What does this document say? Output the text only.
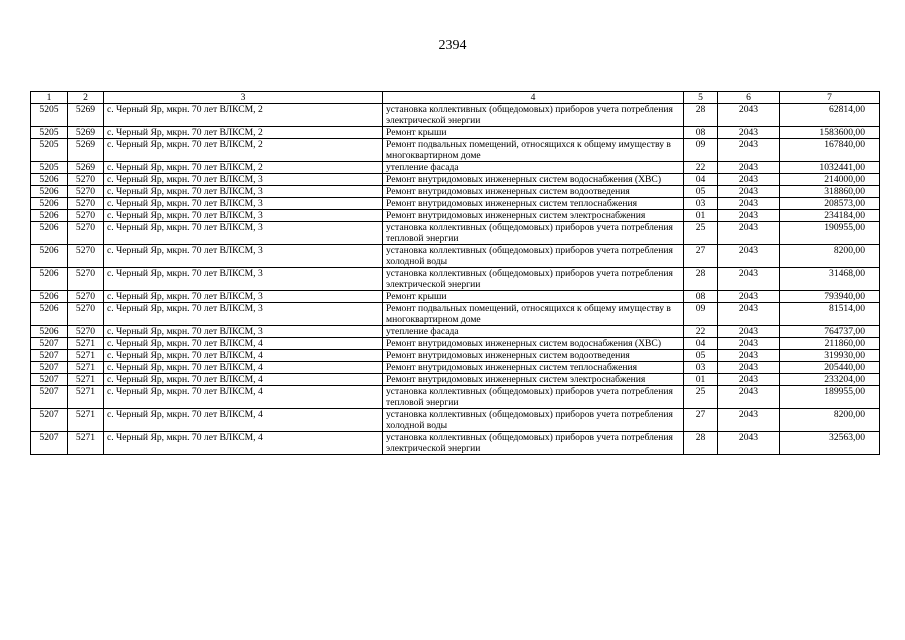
2394
1	2	3	4	5	6	7
5205	5269	с. Черный Яр, мкрн. 70 лет ВЛКСМ, 2	установка коллективных (общедомовых) приборов учета потребления электрической энергии	28	2043	62814,00
5205	5269	с. Черный Яр, мкрн. 70 лет ВЛКСМ, 2	Ремонт крыши	08	2043	1583600,00
5205	5269	с. Черный Яр, мкрн. 70 лет ВЛКСМ, 2	Ремонт подвальных помещений, относящихся к общему имуществу в многоквартирном доме	09	2043	167840,00
5205	5269	с. Черный Яр, мкрн. 70 лет ВЛКСМ, 2	утепление фасада	22	2043	1032441,00
5206	5270	с. Черный Яр, мкрн. 70 лет ВЛКСМ, 3	Ремонт внутридомовых инженерных систем водоснабжения (ХВС)	04	2043	214000,00
5206	5270	с. Черный Яр, мкрн. 70 лет ВЛКСМ, 3	Ремонт внутридомовых инженерных систем водоотведения	05	2043	318860,00
5206	5270	с. Черный Яр, мкрн. 70 лет ВЛКСМ, 3	Ремонт внутридомовых инженерных систем теплоснабжения	03	2043	208573,00
5206	5270	с. Черный Яр, мкрн. 70 лет ВЛКСМ, 3	Ремонт внутридомовых инженерных систем электроснабжения	01	2043	234184,00
5206	5270	с. Черный Яр, мкрн. 70 лет ВЛКСМ, 3	установка коллективных (общедомовых) приборов учета потребления тепловой энергии	25	2043	190955,00
5206	5270	с. Черный Яр, мкрн. 70 лет ВЛКСМ, 3	установка коллективных (общедомовых) приборов учета потребления холодной воды	27	2043	8200,00
5206	5270	с. Черный Яр, мкрн. 70 лет ВЛКСМ, 3	установка коллективных (общедомовых) приборов учета потребления электрической энергии	28	2043	31468,00
5206	5270	с. Черный Яр, мкрн. 70 лет ВЛКСМ, 3	Ремонт крыши	08	2043	793940,00
5206	5270	с. Черный Яр, мкрн. 70 лет ВЛКСМ, 3	Ремонт подвальных помещений, относящихся к общему имуществу в многоквартирном доме	09	2043	81514,00
5206	5270	с. Черный Яр, мкрн. 70 лет ВЛКСМ, 3	утепление фасада	22	2043	764737,00
5207	5271	с. Черный Яр, мкрн. 70 лет ВЛКСМ, 4	Ремонт внутридомовых инженерных систем водоснабжения (ХВС)	04	2043	211860,00
5207	5271	с. Черный Яр, мкрн. 70 лет ВЛКСМ, 4	Ремонт внутридомовых инженерных систем водоотведения	05	2043	319930,00
5207	5271	с. Черный Яр, мкрн. 70 лет ВЛКСМ, 4	Ремонт внутридомовых инженерных систем теплоснабжения	03	2043	205440,00
5207	5271	с. Черный Яр, мкрн. 70 лет ВЛКСМ, 4	Ремонт внутридомовых инженерных систем электроснабжения	01	2043	233204,00
5207	5271	с. Черный Яр, мкрн. 70 лет ВЛКСМ, 4	установка коллективных (общедомовых) приборов учета потребления тепловой энергии	25	2043	189955,00
5207	5271	с. Черный Яр, мкрн. 70 лет ВЛКСМ, 4	установка коллективных (общедомовых) приборов учета потребления холодной воды	27	2043	8200,00
5207	5271	с. Черный Яр, мкрн. 70 лет ВЛКСМ, 4	установка коллективных (общедомовых) приборов учета потребления электрической энергии	28	2043	32563,00
